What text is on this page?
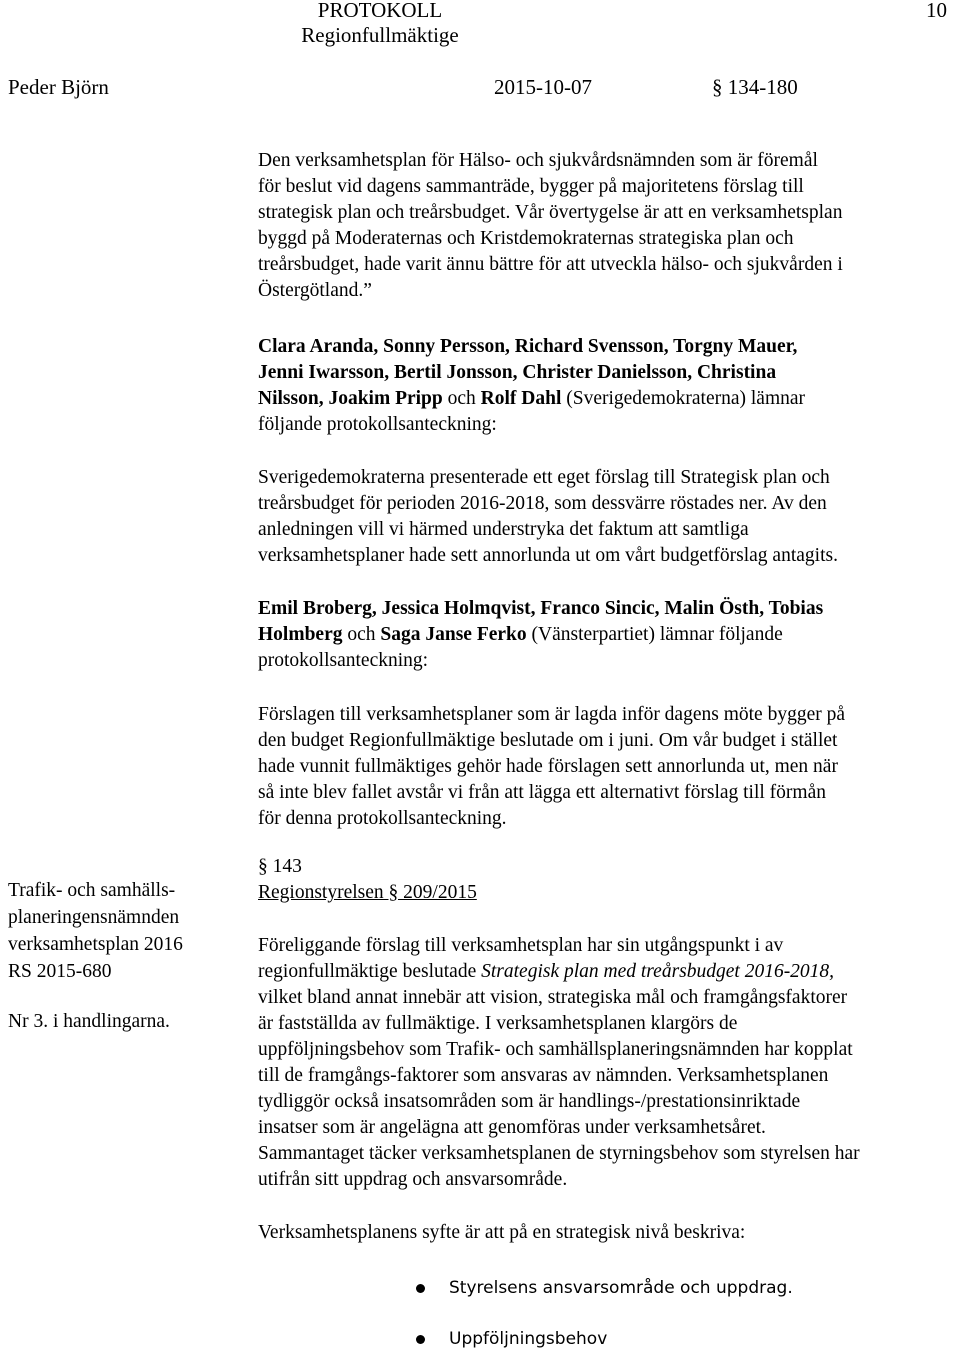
PROTOKOLL
Regionfullmäktige
10
Peder Björn	2015-10-07	§ 134-180
Den verksamhetsplan för Hälso- och sjukvårdsnämnden som är föremål
för beslut vid dagens sammanträde, bygger på majoritetens förslag till
strategisk plan och treårsbudget. Vår övertygelse är att en verksamhetsplan
byggd på Moderaternas och Kristdemokraternas strategiska plan och
treårsbudget, hade varit ännu bättre för att utveckla hälso- och sjukvården i
Östergötland.”
Clara Aranda, Sonny Persson, Richard Svensson, Torgny Mauer,
Jenni Iwarsson, Bertil Jonsson, Christer Danielsson, Christina
Nilsson, Joakim Pripp och Rolf Dahl (Sverigedemokraterna) lämnar
följande protokollsanteckning:
Sverigedemokraterna presenterade ett eget förslag till Strategisk plan och
treårsbudget för perioden 2016-2018, som dessvärre röstades ner. Av den
anledningen vill vi härmed understryka det faktum att samtliga
verksamhetsplaner hade sett annorlunda ut om vårt budgetförslag antagits.
Emil Broberg, Jessica Holmqvist, Franco Sincic, Malin Östh, Tobias
Holmberg och Saga Janse Ferko (Vänsterpartiet) lämnar följande
protokollsanteckning:
Förslagen till verksamhetsplaner som är lagda inför dagens möte bygger på
den budget Regionfullmäktige beslutade om i juni. Om vår budget i stället
hade vunnit fullmäktiges gehör hade förslagen sett annorlunda ut, men när
så inte blev fallet avstår vi från att lägga ett alternativt förslag till förmån
för denna protokollsanteckning.
§ 143
Regionstyrelsen § 209/2015
Trafik- och samhälls-
planeringensnämnden
verksamhetsplan 2016
RS 2015-680
Nr 3. i handlingarna.
Föreliggande förslag till verksamhetsplan har sin utgångspunkt i av
regionfullmäktige beslutade Strategisk plan med treårsbudget 2016-2018,
vilket bland annat innebär att vision, strategiska mål och framgångsfaktorer
är fastställda av fullmäktige. I verksamhetsplanen klargörs de
uppföljningsbehov som Trafik- och samhällsplaneringsnämnden har kopplat
till de framgångs-faktorer som ansvaras av nämnden. Verksamhetsplanen
tydliggör också insatsområden som är handlings-/prestationsinriktade
insatser som är angelägna att genomföras under verksamhetsåret.
Sammantaget täcker verksamhetsplanen de styrningsbehov som styrelsen har
utifrån sitt uppdrag och ansvarsområde.
Verksamhetsplanens syfte är att på en strategisk nivå beskriva:
Styrelsens ansvarsområde och uppdrag.
Uppföljningsbehov
